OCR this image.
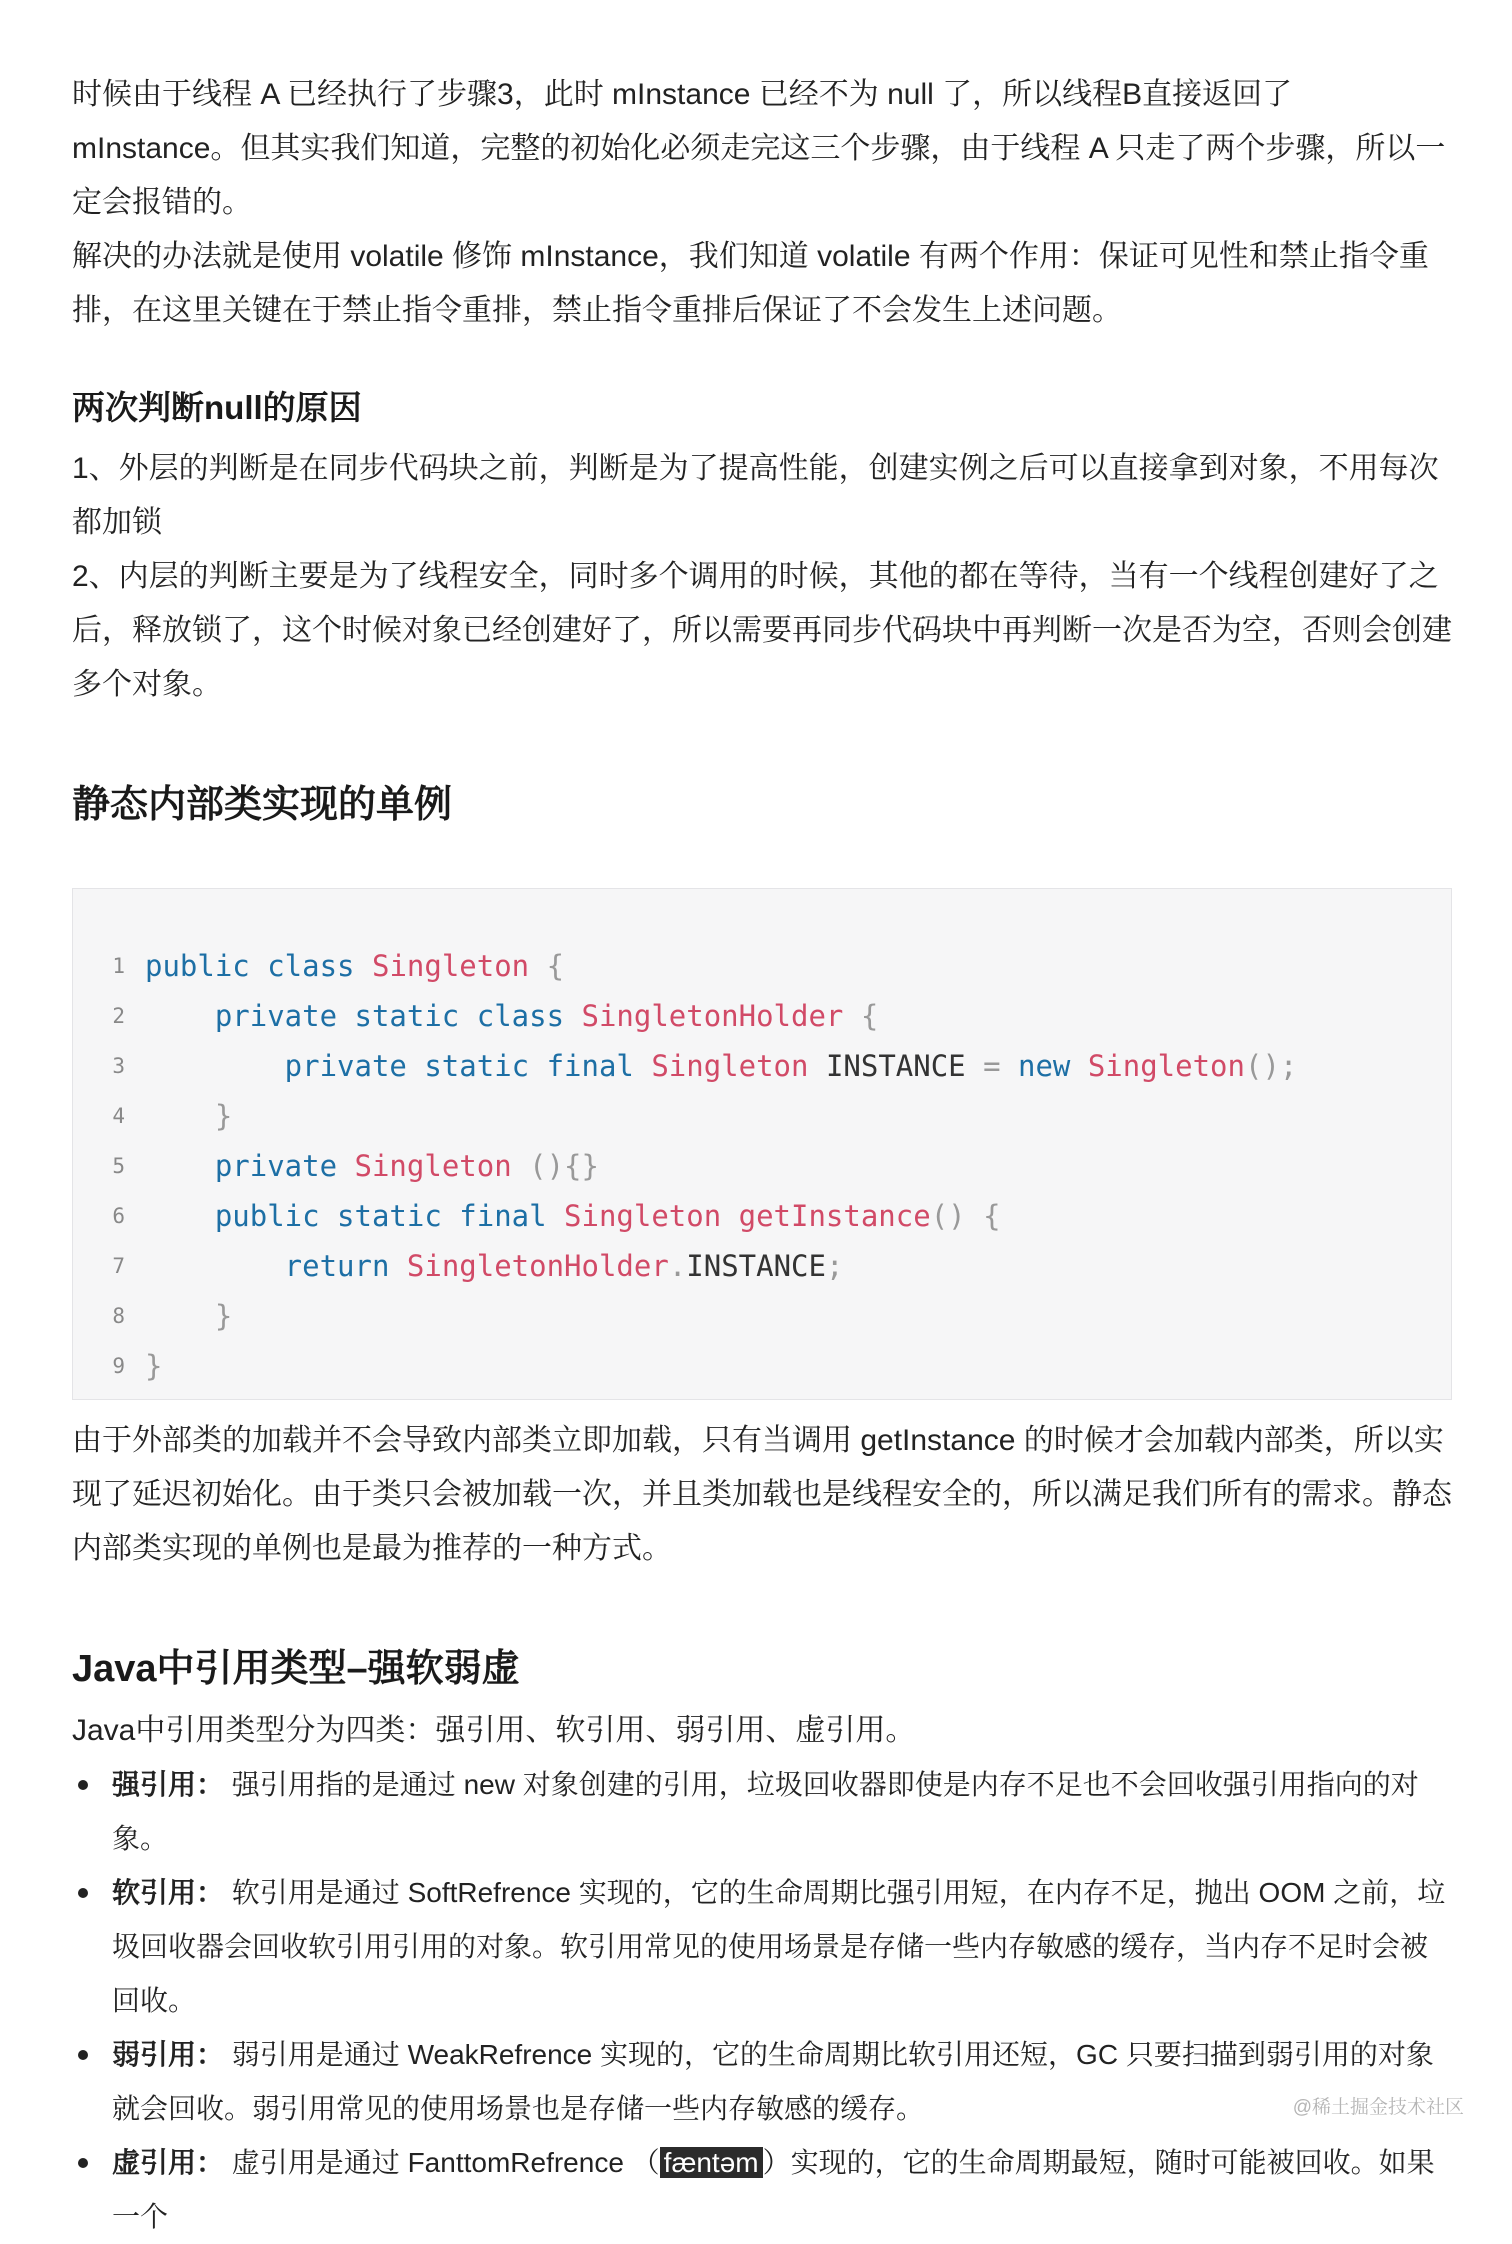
时候由于线程 A 已经执行了步骤3，此时 mInstance 已经不为 null 了，所以线程B直接返回了 mInstance。但其实我们知道，完整的初始化必须走完这三个步骤，由于线程 A 只走了两个步骤，所以一定会报错的。

解决的办法就是使用 volatile 修饰 mInstance，我们知道 volatile 有两个作用：保证可见性和禁止指令重排，在这里关键在于禁止指令重排，禁止指令重排后保证了不会发生上述问题。

两次判断null的原因

1、外层的判断是在同步代码块之前，判断是为了提高性能，创建实例之后可以直接拿到对象，不用每次都加锁

2、内层的判断主要是为了线程安全，同时多个调用的时候，其他的都在等待，当有一个线程创建好了之后，释放锁了，这个时候对象已经创建好了，所以需要再同步代码块中再判断一次是否为空，否则会创建多个对象。

静态内部类实现的单例
1 public class Singleton {
2 private static class SingletonHolder {
3 private static final Singleton INSTANCE = new Singleton ();
4 }
5 private Singleton (){}
6 public static final Singleton getInstance () {
7 return SingletonHolder . INSTANCE ;
8 }
9 }

由于外部类的加载并不会导致内部类立即加载，只有当调用 getInstance 的时候才会加载内部类，所以实现了延迟初始化。由于类只会被加载一次，并且类加载也是线程安全的，所以满足我们所有的需求。静态内部类实现的单例也是最为推荐的一种方式。

Java中引用类型–强软弱虚

Java中引用类型分为四类：强引用、软引用、弱引用、虚引用。

强引用： 强引用指的是通过 new 对象创建的引用，垃圾回收器即使是内存不足也不会回收强引用指向的对象。
软引用： 软引用是通过 SoftRefrence 实现的，它的生命周期比强引用短，在内存不足，抛出 OOM 之前，垃圾回收器会回收软引用引用的对象。软引用常见的使用场景是存储一些内存敏感的缓存，当内存不足时会被回收。
弱引用： 弱引用是通过 WeakRefrence 实现的，它的生命周期比软引用还短，GC 只要扫描到弱引用的对象就会回收。弱引用常见的使用场景也是存储一些内存敏感的缓存。
虚引用： 虚引用是通过 FanttomRefrence （ fæntəm ）实现的，它的生命周期最短，随时可能被回收。如果一个
@稀土掘金技术社区
